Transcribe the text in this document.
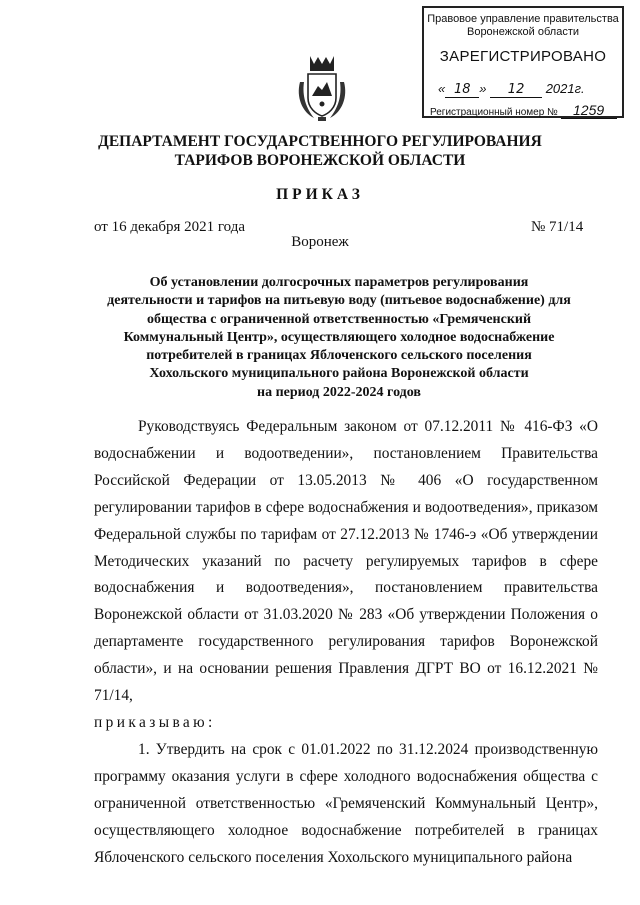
Правовое управление правительства
Воронежской области
ЗАРЕГИСТРИРОВАНО
« 18 » 12 2021г.
Регистрационный номер № 1259
ДЕПАРТАМЕНТ ГОСУДАРСТВЕННОГО РЕГУЛИРОВАНИЯ
ТАРИФОВ ВОРОНЕЖСКОЙ ОБЛАСТИ
ПРИКАЗ
от 16 декабря 2021 года	№ 71/14
Воронеж
Об установлении долгосрочных параметров регулирования
деятельности и тарифов на питьевую воду (питьевое водоснабжение) для
общества с ограниченной ответственностью «Гремяченский
Коммунальный Центр», осуществляющего холодное водоснабжение
потребителей в границах Яблоченского сельского поселения
Хохольского муниципального района Воронежской области
на период 2022-2024 годов

Руководствуясь Федеральным законом от 07.12.2011 № 416-ФЗ «О водоснабжении и водоотведении», постановлением Правительства Российской Федерации от 13.05.2013 № 406 «О государственном регулировании тарифов в сфере водоснабжения и водоотведения», приказом Федеральной службы по тарифам от 27.12.2013 № 1746-э «Об утверждении Методических указаний по расчету регулируемых тарифов в сфере водоснабжения и водоотведения», постановлением правительства Воронежской области от 31.03.2020 № 283 «Об утверждении Положения о департаменте государственного регулирования тарифов Воронежской области», и на основании решения Правления ДГРТ ВО от 16.12.2021 № 71/14,

приказываю:

1. Утвердить на срок с 01.01.2022 по 31.12.2024 производственную программу оказания услуги в сфере холодного водоснабжения общества с ограниченной ответственностью «Гремяченский Коммунальный Центр», осуществляющего холодное водоснабжение потребителей в границах Яблоченского сельского поселения Хохольского муниципального района
